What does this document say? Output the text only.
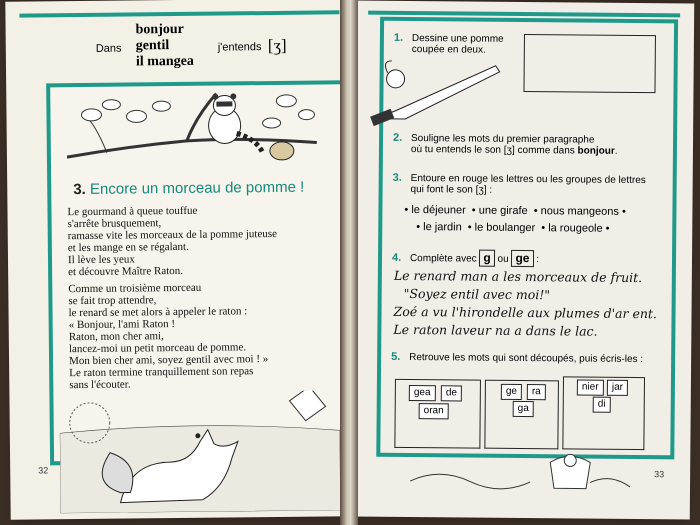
Dans
bonjour
gentil
il mangea
j'entends [ʒ]
3. Encore un morceau de pomme !
Le gourmand à queue touffue
s'arrête brusquement,
ramasse vite les morceaux de la pomme juteuse
et les mange en se régalant.
Il lève les yeux
et découvre Maître Raton.
Comme un troisième morceau
se fait trop attendre,
le renard se met alors à appeler le raton :
« Bonjour, l'ami Raton !
Raton, mon cher ami,
lancez-moi un petit morceau de pomme.
Mon bien cher ami, soyez gentil avec moi ! »
Le raton termine tranquillement son repas
sans l'écouter.
32
1. Dessine une pomme
coupée en deux.
2. Souligne les mots du premier paragraphe
où tu entends le son [ʒ] comme dans bonjour.
3. Entoure en rouge les lettres ou les groupes de lettres
qui font le son [ʒ] :
• le déjeuner • une girafe • nous mangeons •
• le jardin • le boulanger • la rougeole •
4. Complète avec g ou ge :
Le renard man a les morceaux de fruit.
"Soyez entil avec moi!"
Zoé a vu l'hirondelle aux plumes d'ar ent.
Le raton laveur na a dans le lac.
5. Retrouve les mots qui sont découpés, puis écris-les :
gea	de
oran
ge	ra
ga
nier	jar
di
33
